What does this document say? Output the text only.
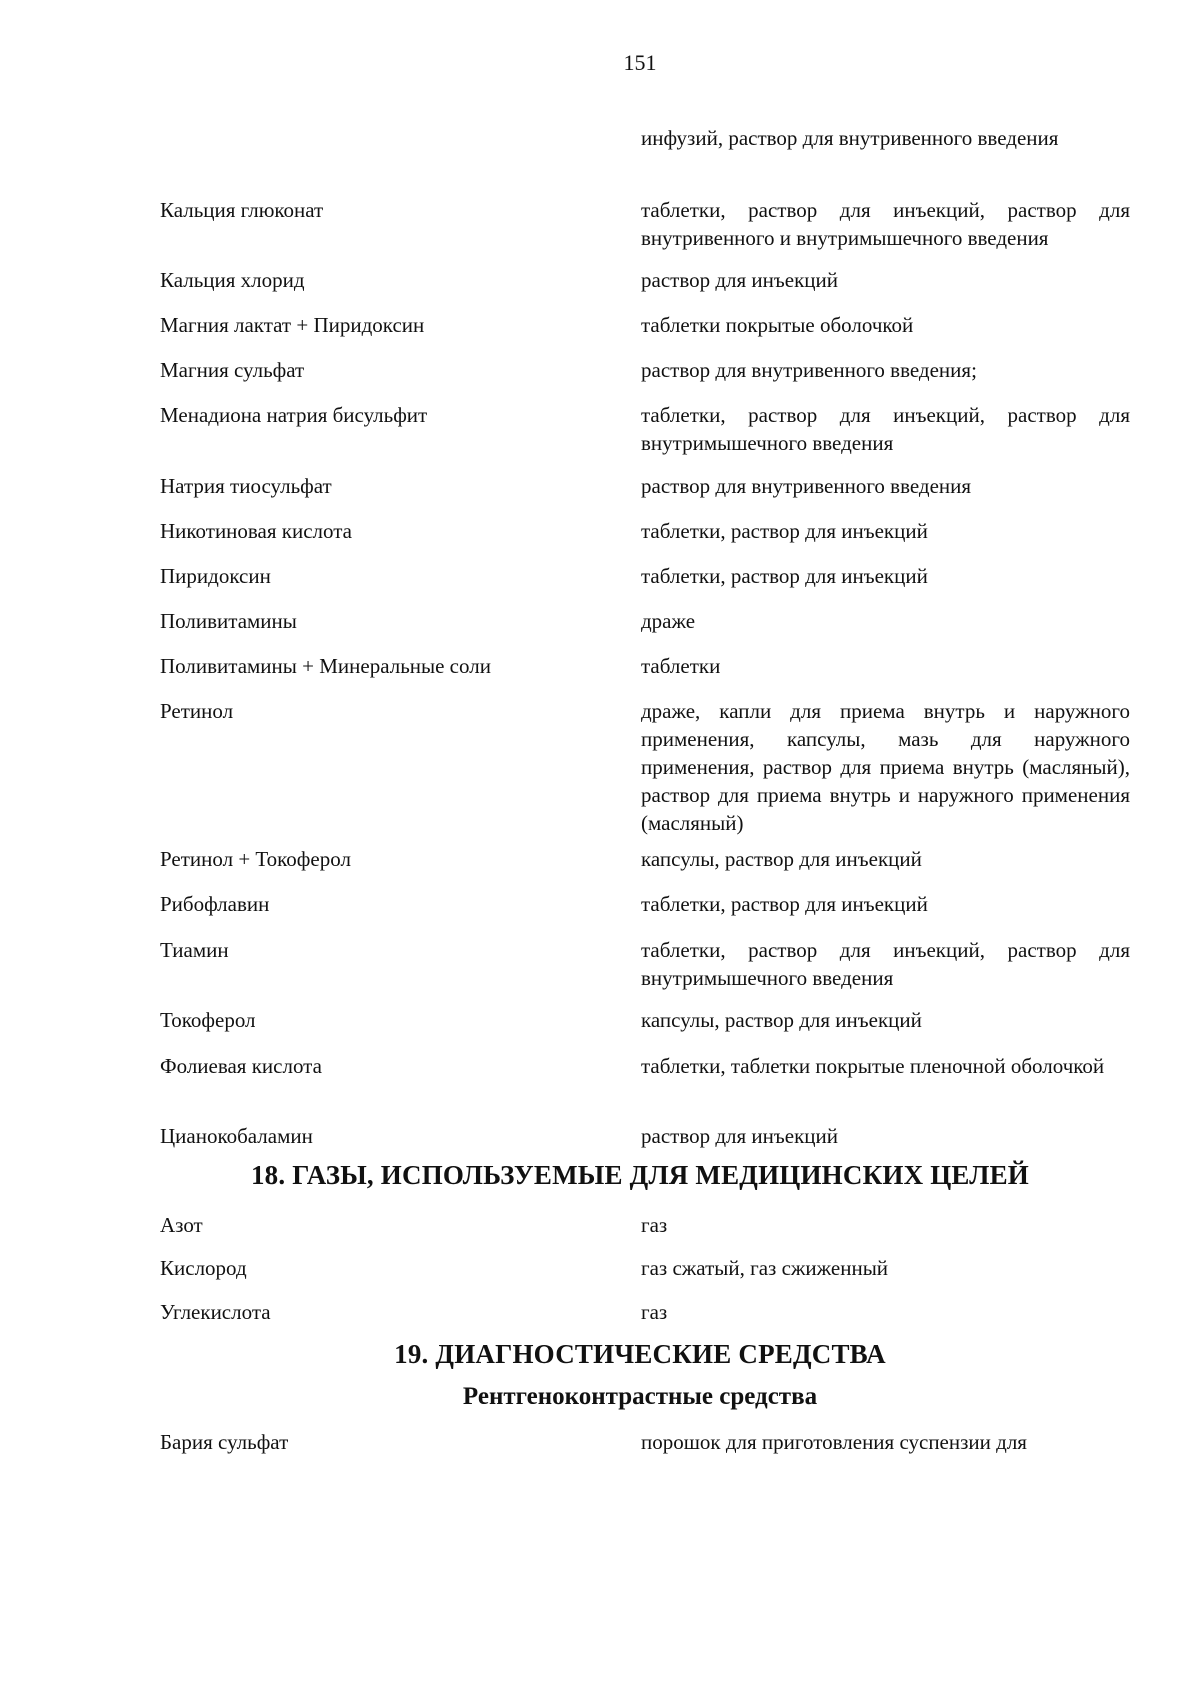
151
инфузий, раствор для внутривенного введения
Кальция глюконат	таблетки, раствор для инъекций, раствор для внутривенного и внутримышечного введения
Кальция хлорид	раствор для инъекций
Магния лактат + Пиридоксин	таблетки покрытые оболочкой
Магния сульфат	раствор для внутривенного введения;
Менадиона натрия бисульфит	таблетки, раствор для инъекций, раствор для внутримышечного введения
Натрия тиосульфат	раствор для внутривенного введения
Никотиновая кислота	таблетки, раствор для инъекций
Пиридоксин	таблетки, раствор для инъекций
Поливитамины	драже
Поливитамины + Минеральные соли	таблетки
Ретинол	драже, капли для приема внутрь и наружного применения, капсулы, мазь для наружного применения, раствор для приема внутрь (масляный), раствор для приема внутрь и наружного применения (масляный)
Ретинол + Токоферол	капсулы, раствор для инъекций
Рибофлавин	таблетки, раствор для инъекций
Тиамин	таблетки, раствор для инъекций, раствор для внутримышечного введения
Токоферол	капсулы, раствор для инъекций
Фолиевая кислота	таблетки, таблетки покрытые пленочной оболочкой
Цианокобаламин	раствор для инъекций
18. ГАЗЫ, ИСПОЛЬЗУЕМЫЕ ДЛЯ МЕДИЦИНСКИХ ЦЕЛЕЙ
Азот	газ
Кислород	газ сжатый, газ сжиженный
Углекислота	газ
19. ДИАГНОСТИЧЕСКИЕ СРЕДСТВА
Рентгеноконтрастные средства
Бария сульфат	порошок для приготовления суспензии для
